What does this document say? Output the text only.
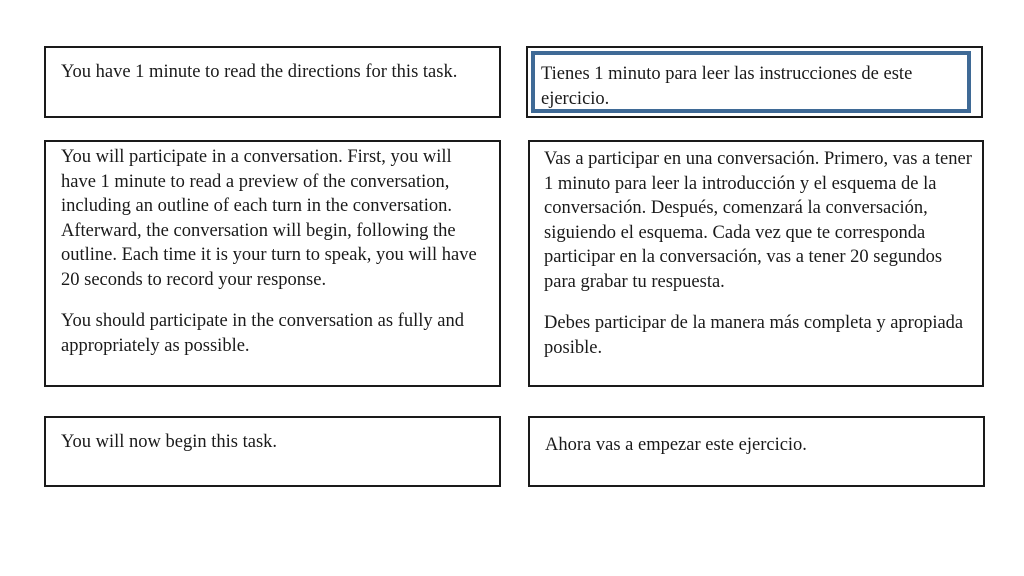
You have 1 minute to read the directions for this task.

You will participate in a conversation. First, you will have 1 minute to read a preview of the conversation, including an outline of each turn in the conversation. Afterward, the conversation will begin, following the outline. Each time it is your turn to speak, you will have 20 seconds to record your response.

You should participate in the conversation as fully and appropriately as possible.

You will now begin this task.

Tienes 1 minuto para leer las instrucciones de este ejercicio.

Vas a participar en una conversación. Primero, vas a tener 1 minuto para leer la introducción y el esquema de la conversación. Después, comenzará la conversación, siguiendo el esquema. Cada vez que te corresponda participar en la conversación, vas a tener 20 segundos para grabar tu respuesta.

Debes participar de la manera más completa y apropiada posible.

Ahora vas a empezar este ejercicio.
